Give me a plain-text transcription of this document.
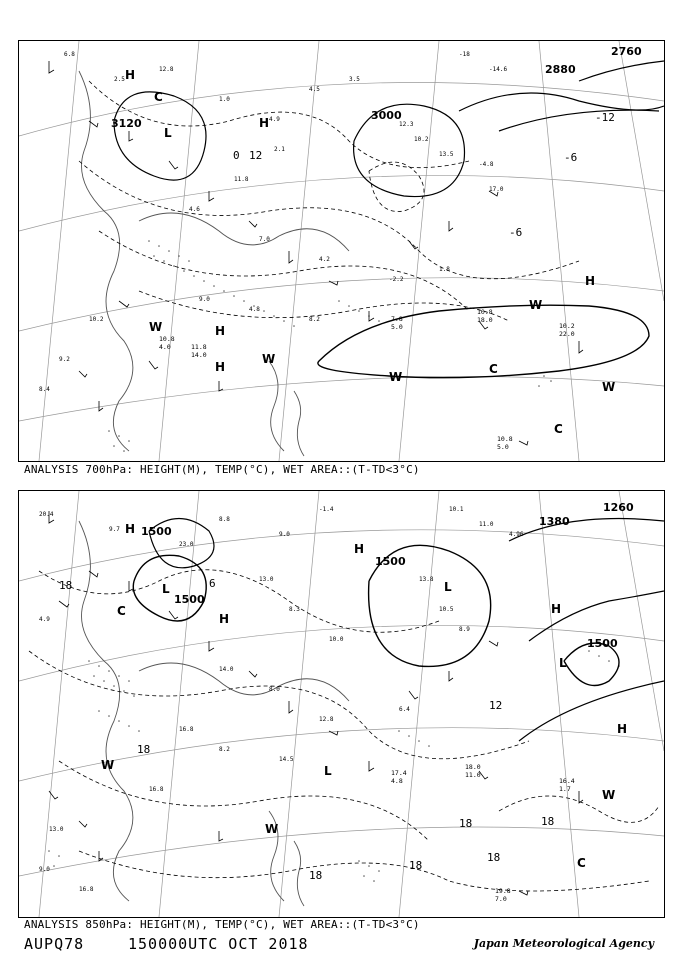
6.8
2.5
12.8
1.0
4.9
4.5
3.5
-18
-14.6
12.3
10.2
13.5
-4.8
17.0
2.1
11.8
4.6
7.0
4.2
-2.2
1.8
9.0
4.8
8.2
10.2
9.2
8.4
3120
3000
2880
2760
-6
-12
0
-6
12
H
H
L
H
H
H
C
C
C
W
W
W
W
W
10.8
18.0
10.2
22.0
10.8
5.0
7.8
5.0
11.8
14.0
10.8
4.0
ANALYSIS 700hPa: HEIGHT(M), TEMP(°C), WET AREA::(T-TD<3°C)
20.4
9.7
23.0
8.8
9.0
-1.4	10.1
11.0
4.96
13.8
10.5
8.9
13.0
8.3
10.0
14.0
8.0
12.8
16.8
8.2
14.5
4.9
13.0
9.0
16.8
16.8
6.4
1500
1500
1500
1500
1380
1260
18
18
18	18
12
18
18
18
6
H
H
H
H
L	L
L
H
C
W
W
C
W
L
18.0
11.0
16.4
1.7
19.8
7.0
17.4
4.8
ANALYSIS 850hPa: HEIGHT(M), TEMP(°C), WET AREA::(T-TD<3°C)
AUPQ78	150000UTC OCT 2018	Japan Meteorological Agency
